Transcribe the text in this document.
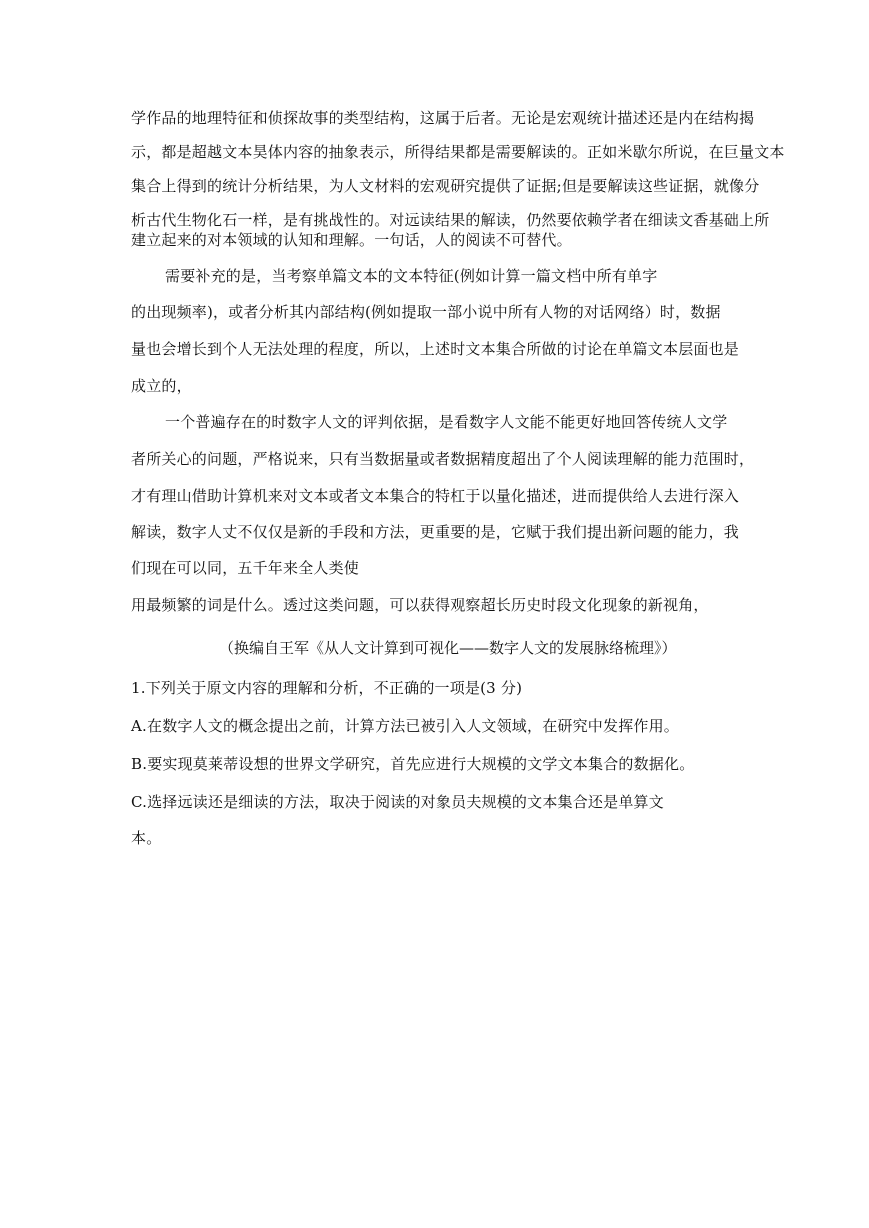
学作品的地理特征和侦探故事的类型结构，这属于后者。无论是宏观统计描述还是内在结构揭
示，都是超越文本昊体内容的抽象表示，所得结果都是需要解读的。正如米歇尔所说，在巨量文本
集合上得到的统计分析结果，为人文材料的宏观研究提供了证据;但是要解读这些证据，就像分
析古代生物化石一样，是有挑战性的。对远读结果的解读，仍然要依赖学者在细读文香基础上所
建立起来的对本领域的认知和理解。一句话，人的阅读不可替代。
需要补充的是，当考察单篇文本的文本特征(例如计算一篇文档中所有单字
的出现频率)，或者分析其内部结构(例如提取一部小说中所有人物的对话网络）时，数据
量也会增长到个人无法处理的程度，所以，上述时文本集合所做的讨论在单篇文本层面也是
成立的，
一个普遍存在的时数字人文的评判依据，是看数字人文能不能更好地回答传统人文学
者所关心的问题，严格说来，只有当数据量或者数据精度超出了个人阅读理解的能力范围时，
才有理山借助计算机来对文本或者文本集合的特杠于以量化描述，进而提供给人去进行深入
解读，数字人丈不仅仅是新的手段和方法，更重要的是，它赋于我们提出新问题的能力，我
们现在可以同，五千年来全人类使
用最频繁的词是什么。透过这类问题，可以获得观察超长历史时段文化现象的新视角，
（换编自王军《从人文计算到可视化——数字人文的发展脉络梳理》）
1.下列关于原文内容的理解和分析，不正确的一项是(3 分)
A.在数字人文的概念提出之前，计算方法已被引入人文领域，在研究中发挥作用。
B.要实现莫莱蒂设想的世界文学研究，首先应进行大规模的文学文本集合的数据化。
C.选择远读还是细读的方法，取决于阅读的对象员夫规模的文本集合还是单算文
本。
